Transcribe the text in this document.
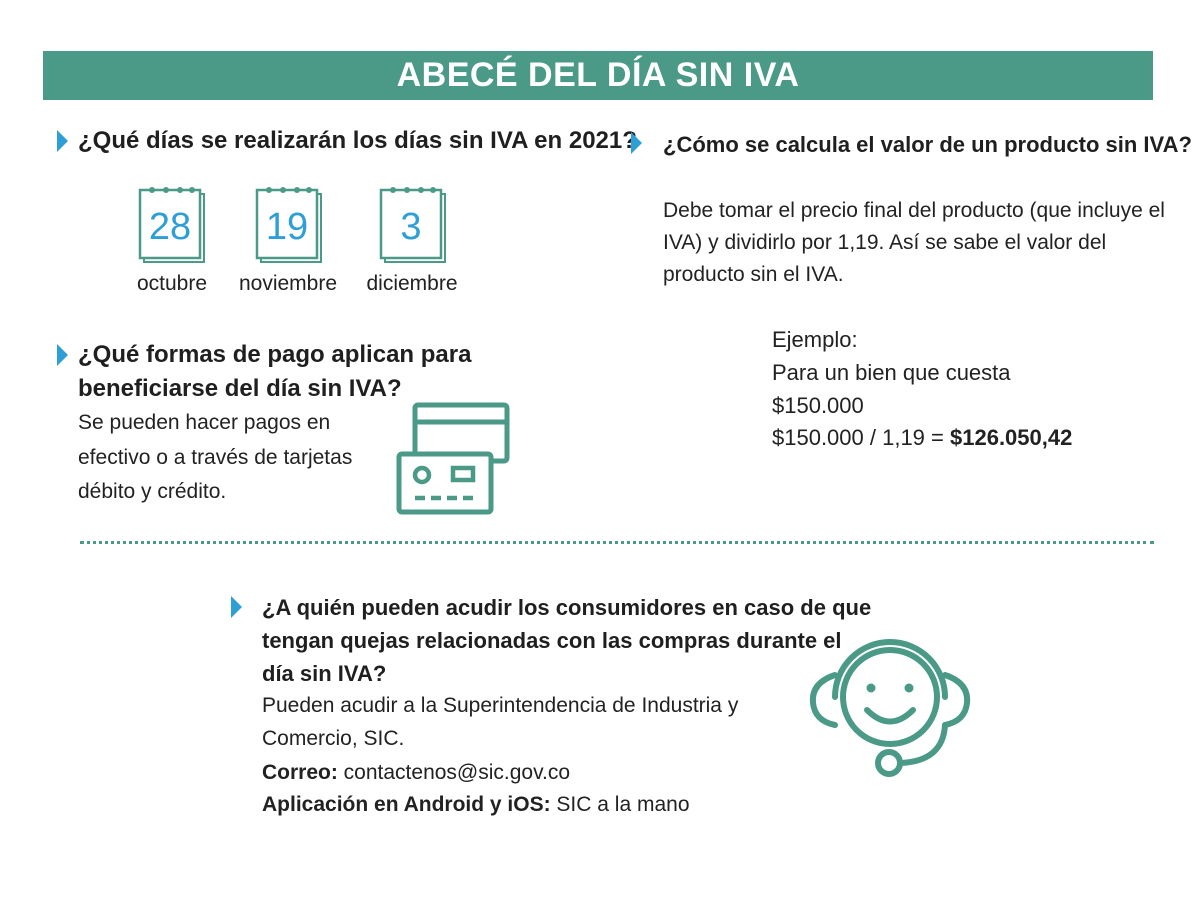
ABECÉ DEL DÍA SIN IVA
¿Qué días se realizarán los días sin IVA en 2021?
28 19	3
octubre	noviembre	diciembre
¿Qué formas de pago aplican para
beneficiarse del día sin IVA?
Se pueden hacer pagos en
efectivo o a través de tarjetas
débito y crédito.
¿Cómo se calcula el valor de un producto sin IVA?
Debe tomar el precio final del producto (que incluye el
IVA) y dividirlo por 1,19. Así se sabe el valor del
producto sin el IVA.
Ejemplo:
Para un bien que cuesta
$150.000
$150.000 / 1,19 = $126.050,42
¿A quién pueden acudir los consumidores en caso de que
tengan quejas relacionadas con las compras durante el
día sin IVA?
Pueden acudir a la Superintendencia de Industria y
Comercio, SIC.
Correo: contactenos@sic.gov.co
Aplicación en Android y iOS: SIC a la mano
